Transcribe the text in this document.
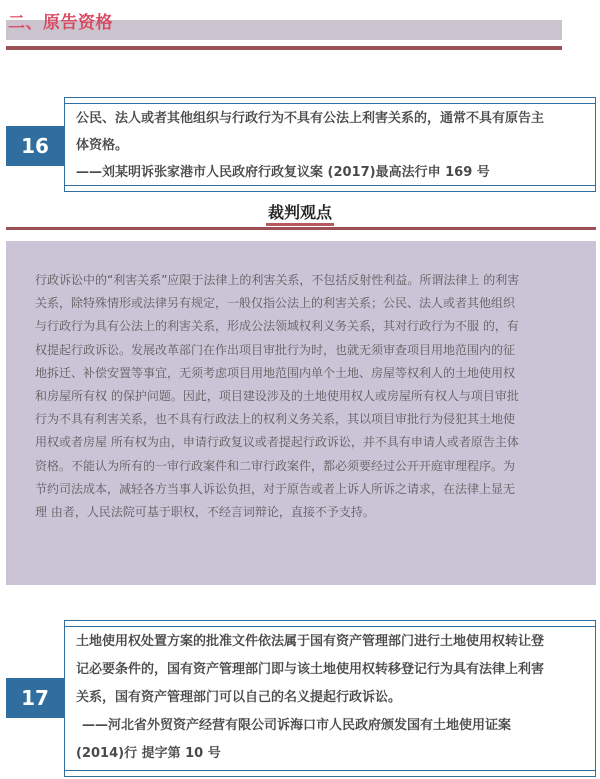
二、原告资格
16

公民、法人或者其他组织与行政行为不具有公法上利害关系的，通常不具有原告主

体资格。

——刘某明诉张家港市人民政府行政复议案 (2017)最高法行申 169 号

裁判观点
行政诉讼中的“利害关系”应限于法律上的利害关系，不包括反射性利益。所谓法律上 的利害
关系，除特殊情形或法律另有规定，一般仅指公法上的利害关系；公民、法人或者其他组织
与行政行为具有公法上的利害关系，形成公法领域权利义务关系，其对行政行为不服 的，有
权提起行政诉讼。发展改革部门在作出项目审批行为时，也就无须审查项目用地范围内的征
地拆迁、补偿安置等事宜，无须考虑项目用地范围内单个土地、房屋等权利人的土地使用权
和房屋所有权 的保护问题。因此，项目建设涉及的土地使用权人或房屋所有权人与项目审批
行为不具有利害关系，也不具有行政法上的权利义务关系，其以项目审批行为侵犯其土地使
用权或者房屋 所有权为由，申请行政复议或者提起行政诉讼，并不具有申请人或者原告主体
资格。不能认为所有的一审行政案件和二审行政案件，都必须要经过公开开庭审理程序。为
节约司法成本，减轻各方当事人诉讼负担，对于原告或者上诉人所诉之请求，在法律上显无
理 由者，人民法院可基于职权，不经言词辩论，直接不予支持。
17

土地使用权处置方案的批准文件依法属于国有资产管理部门进行土地使用权转让登

记必要条件的，国有资产管理部门即与该土地使用权转移登记行为具有法律上利害

关系，国有资产管理部门可以自己的名义提起行政诉讼。

——河北省外贸资产经营有限公司诉海口市人民政府颁发国有土地使用证案

(2014)行 提字第 10 号
